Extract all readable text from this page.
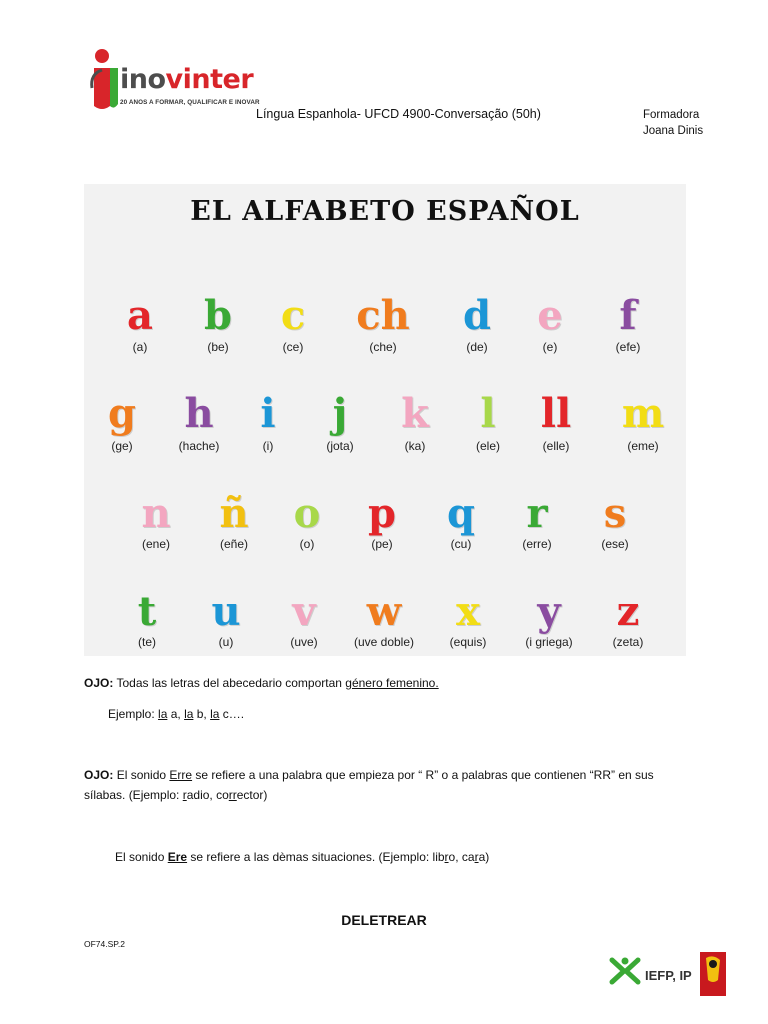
inovinter
20 ANOS A FORMAR, QUALIFICAR E INOVAR
Língua Espanhola- UFCD 4900-Conversação (50h)	Formadora
Joana Dinis
EL ALFABETO ESPAÑOL
a
(a)
b
(be)
c
(ce)
ch
(che)
d
(de)
e
(e)
f
(efe)
g
(ge)
h
(hache)
i
(i)
j
(jota)
k
(ka)
l
(ele)
ll
(elle)
m
(eme)
n
(ene)
ñ
(eñe)
o
(o)
p
(pe)
q
(cu)
r
(erre)
s
(ese)
t
(te)
u
(u)
v
(uve)
w
(uve doble)
x
(equis)
y
(i griega)
z
(zeta)
OJO: Todas las letras del abecedario comportan género femenino.
Ejemplo: la a, la b, la c….
OJO: El sonido Erre se refiere a una palabra que empieza por “ R” o a palabras que contienen “RR” en sus
sílabas. (Ejemplo: radio, corrector)
El sonido Ere se refiere a las dèmas situaciones. (Ejemplo: libro, cara)
DELETREAR
OF74.SP.2
IEFP, IP
